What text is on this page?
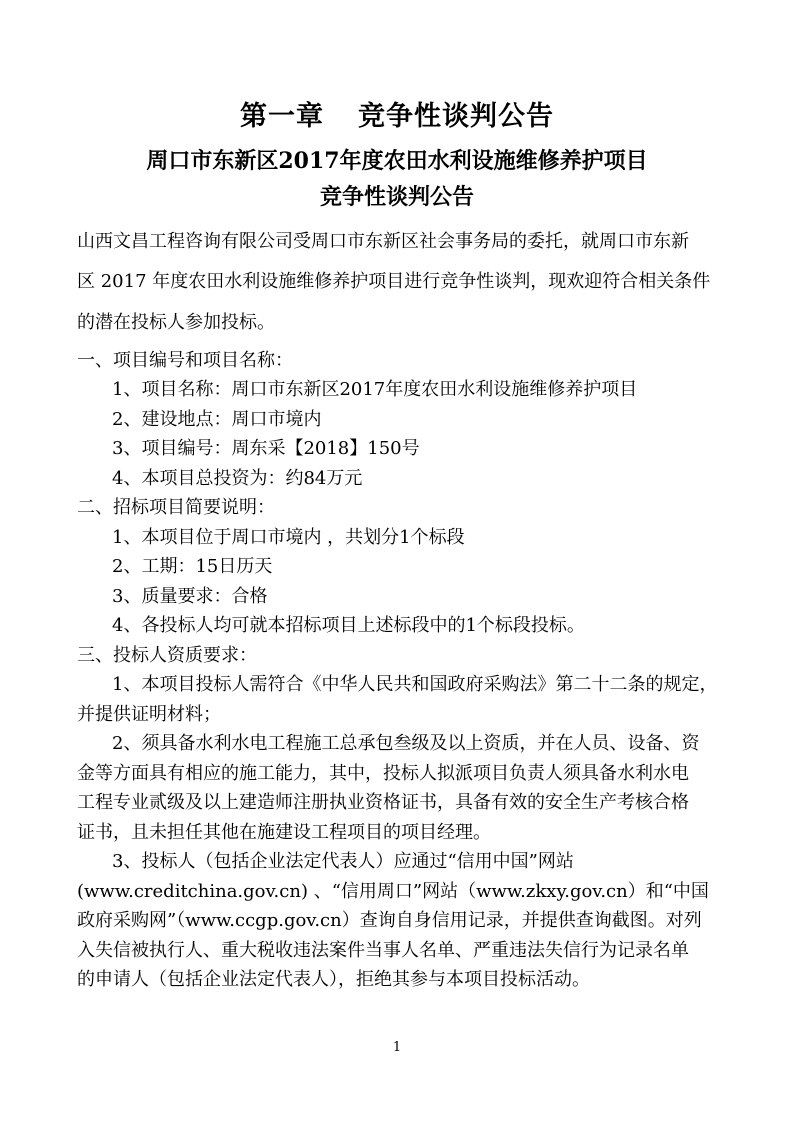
第一章 竞争性谈判公告
周口市东新区2017年度农田水利设施维修养护项目
竞争性谈判公告
山西文昌工程咨询有限公司受周口市东新区社会事务局的委托，就周口市东新
区 2017 年度农田水利设施维修养护项目进行竞争性谈判，现欢迎符合相关条件
的潜在投标人参加投标。
一、项目编号和项目名称：
1、项目名称：周口市东新区2017年度农田水利设施维修养护项目
2、建设地点：周口市境内
3、项目编号：周东采【2018】150号
4、本项目总投资为：约84万元
二、招标项目简要说明：
1、本项目位于周口市境内 ，共划分1个标段
2、工期：15日历天
3、质量要求：合格
4、各投标人均可就本招标项目上述标段中的1个标段投标。
三、投标人资质要求：
1、本项目投标人需符合《中华人民共和国政府采购法》第二十二条的规定，
并提供证明材料；
2、须具备水利水电工程施工总承包叁级及以上资质，并在人员、设备、资
金等方面具有相应的施工能力，其中，投标人拟派项目负责人须具备水利水电
工程专业贰级及以上建造师注册执业资格证书，具备有效的安全生产考核合格
证书，且未担任其他在施建设工程项目的项目经理。
3、投标人（包括企业法定代表人）应通过“信用中国”网站
(www.creditchina.gov.cn) 、“信用周口”网站（www.zkxy.gov.cn）和“中国
政府采购网”（www.ccgp.gov.cn）查询自身信用记录，并提供查询截图。对列
入失信被执行人、重大税收违法案件当事人名单、严重违法失信行为记录名单
的申请人（包括企业法定代表人），拒绝其参与本项目投标活动。
1
